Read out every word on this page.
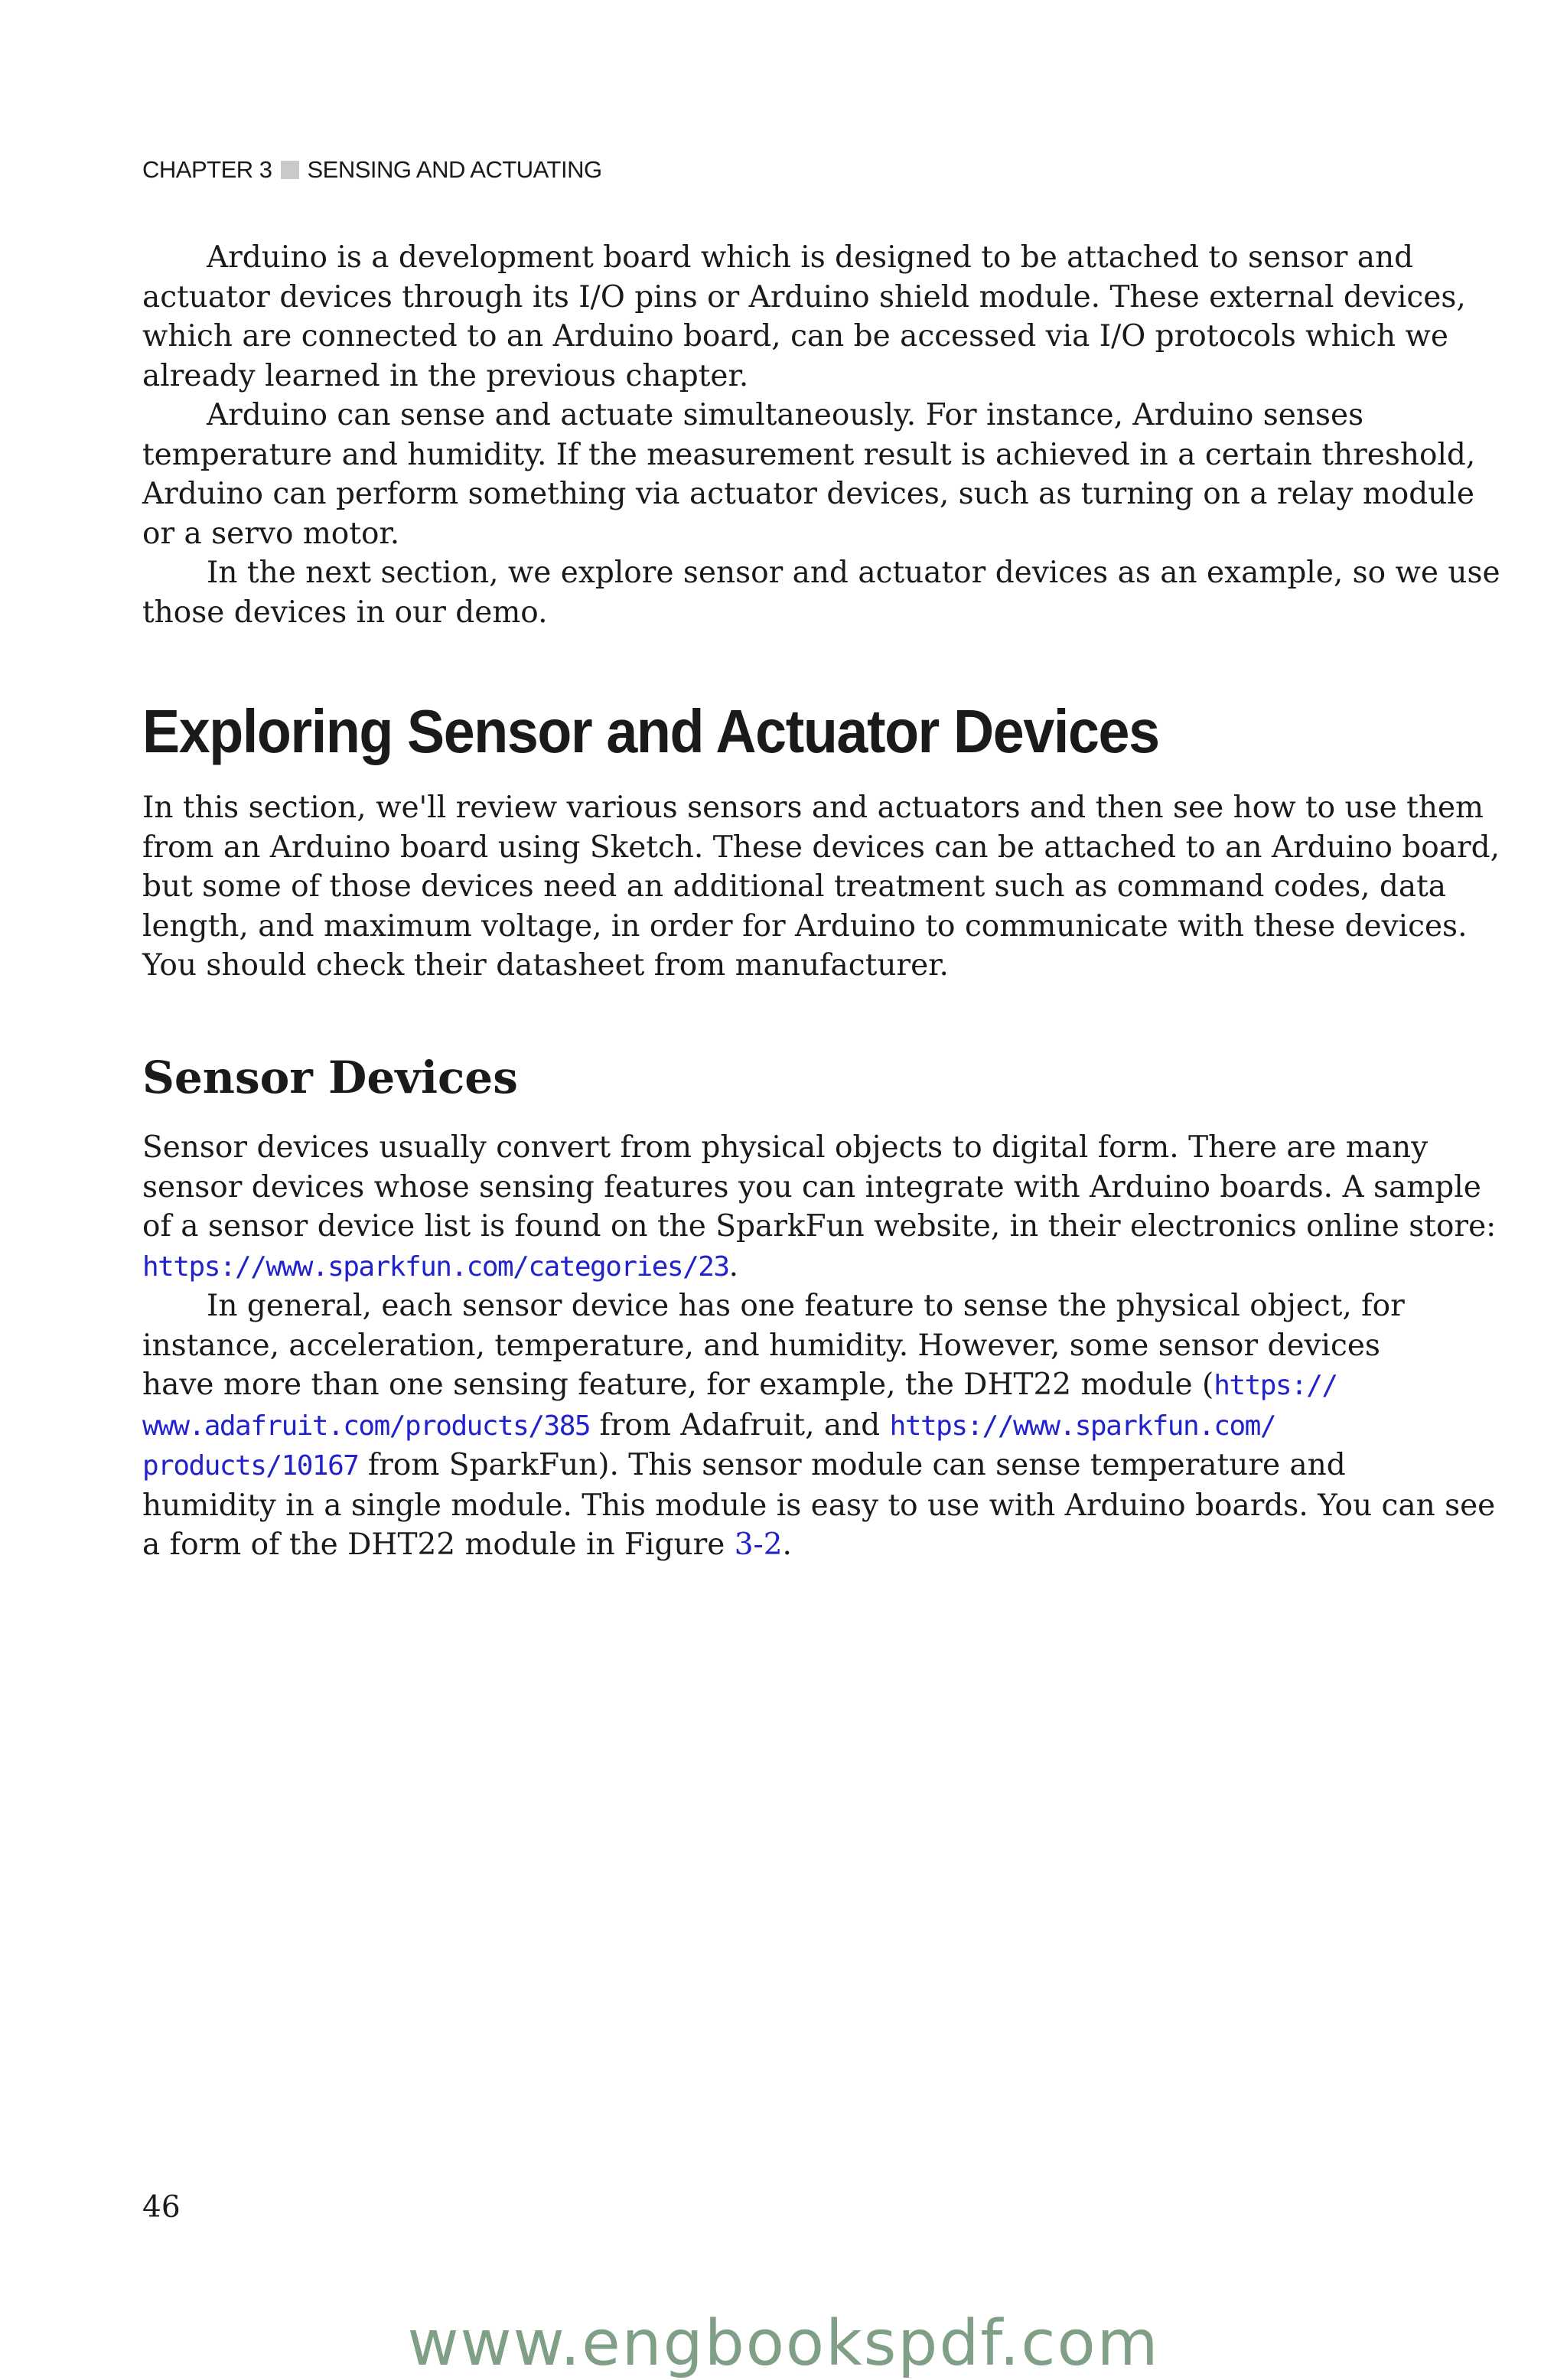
CHAPTER 3 SENSING AND ACTUATING

Arduino is a development board which is designed to be attached to sensor and
actuator devices through its I/O pins or Arduino shield module. These external devices,
which are connected to an Arduino board, can be accessed via I/O protocols which we
already learned in the previous chapter.

Arduino can sense and actuate simultaneously. For instance, Arduino senses
temperature and humidity. If the measurement result is achieved in a certain threshold,
Arduino can perform something via actuator devices, such as turning on a relay module
or a servo motor.

In the next section, we explore sensor and actuator devices as an example, so we use
those devices in our demo.

Exploring Sensor and Actuator Devices

In this section, we'll review various sensors and actuators and then see how to use them
from an Arduino board using Sketch. These devices can be attached to an Arduino board,
but some of those devices need an additional treatment such as command codes, data
length, and maximum voltage, in order for Arduino to communicate with these devices.
You should check their datasheet from manufacturer.

Sensor Devices

Sensor devices usually convert from physical objects to digital form. There are many
sensor devices whose sensing features you can integrate with Arduino boards. A sample
of a sensor device list is found on the SparkFun website, in their electronics online store:
https://www.sparkfun.com/categories/23.

In general, each sensor device has one feature to sense the physical object, for
instance, acceleration, temperature, and humidity. However, some sensor devices
have more than one sensing feature, for example, the DHT22 module (https://
www.adafruit.com/products/385 from Adafruit, and https://www.sparkfun.com/
products/10167 from SparkFun). This sensor module can sense temperature and
humidity in a single module. This module is easy to use with Arduino boards. You can see
a form of the DHT22 module in Figure 3-2.

46
www.engbookspdf.com
